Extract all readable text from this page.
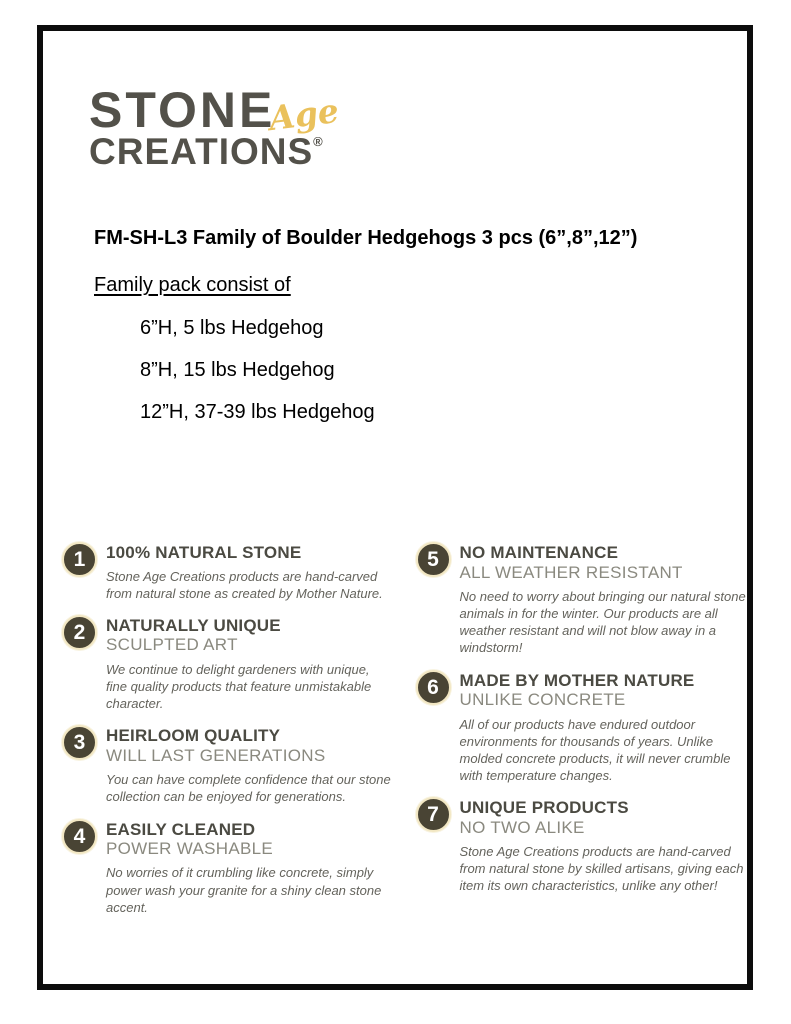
STONE
Age
CREATIONS®
FM-SH-L3 Family of Boulder Hedgehogs 3 pcs (6”,8”,12”)
Family pack consist of
6”H, 5 lbs Hedgehog
8”H, 15 lbs Hedgehog
12”H, 37-39 lbs Hedgehog
1 100% NATURAL STONE

Stone Age Creations products are hand-carved from natural stone as created by Mother Nature.

2 NATURALLY UNIQUE
SCULPTED ART

We continue to delight gardeners with unique, fine quality products that feature unmistakable character.

3 HEIRLOOM QUALITY
WILL LAST GENERATIONS

You can have complete confidence that our stone collection can be enjoyed for generations.

4 EASILY CLEANED
POWER WASHABLE

No worries of it crumbling like concrete, simply power wash your granite for a shiny clean stone accent.

5 NO MAINTENANCE
ALL WEATHER RESISTANT

No need to worry about bringing our natural stone animals in for the winter. Our products are all weather resistant and will not blow away in a windstorm!

6 MADE BY MOTHER NATURE
UNLIKE CONCRETE

All of our products have endured outdoor environments for thousands of years. Unlike molded concrete products, it will never crumble with temperature changes.

7 UNIQUE PRODUCTS
NO TWO ALIKE

Stone Age Creations products are hand-carved from natural stone by skilled artisans, giving each item its own characteristics, unlike any other!
